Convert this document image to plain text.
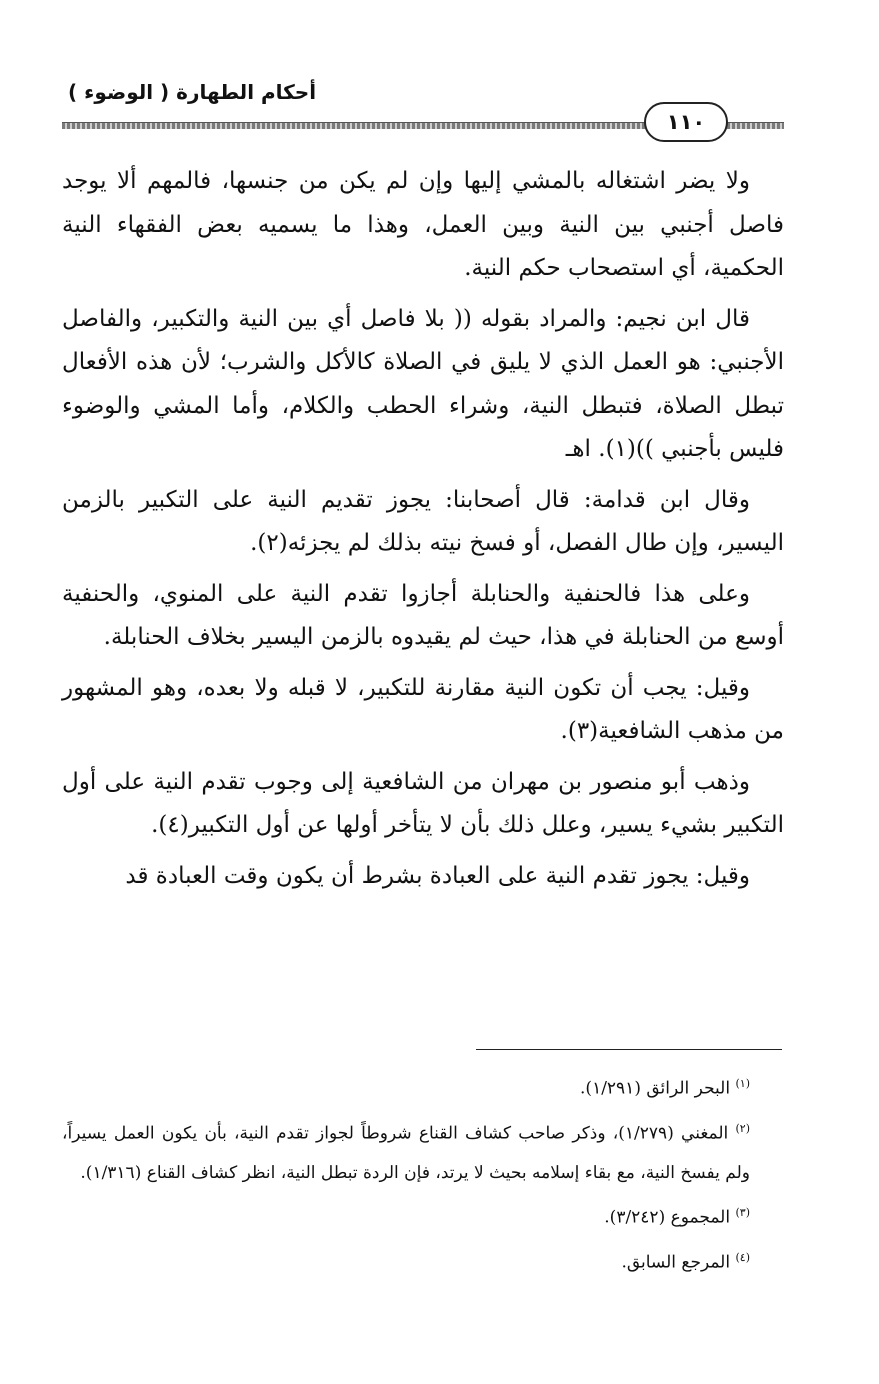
أحكام الطهارة ( الوضوء )
١١٠

ولا يضر اشتغاله بالمشي إليها وإن لم يكن من جنسها، فالمهم ألا يوجد فاصل أجنبي بين النية وبين العمل، وهذا ما يسميه بعض الفقهاء النية الحكمية، أي استصحاب حكم النية.

قال ابن نجيم: والمراد بقوله (( بلا فاصل أي بين النية والتكبير، والفاصل الأجنبي: هو العمل الذي لا يليق في الصلاة كالأكل والشرب؛ لأن هذه الأفعال تبطل الصلاة، فتبطل النية، وشراء الحطب والكلام، وأما المشي والوضوء فليس بأجنبي ))(١). اهـ

وقال ابن قدامة: قال أصحابنا: يجوز تقديم النية على التكبير بالزمن اليسير، وإن طال الفصل، أو فسخ نيته بذلك لم يجزئه(٢).

وعلى هذا فالحنفية والحنابلة أجازوا تقدم النية على المنوي، والحنفية أوسع من الحنابلة في هذا، حيث لم يقيدوه بالزمن اليسير بخلاف الحنابلة.

وقيل: يجب أن تكون النية مقارنة للتكبير، لا قبله ولا بعده، وهو المشهور من مذهب الشافعية(٣).

وذهب أبو منصور بن مهران من الشافعية إلى وجوب تقدم النية على أول التكبير بشيء يسير، وعلل ذلك بأن لا يتأخر أولها عن أول التكبير(٤).

وقيل: يجوز تقدم النية على العبادة بشرط أن يكون وقت العبادة قد

$^{(١)}$ البحر الرائق (١/٢٩١).

$^{(٢)}$ المغني (١/٢٧٩)، وذكر صاحب كشاف القناع شروطاً لجواز تقدم النية، بأن يكون العمل يسيراً، ولم يفسخ النية، مع بقاء إسلامه بحيث لا يرتد، فإن الردة تبطل النية، انظر كشاف القناع (١/٣١٦).

$^{(٣)}$ المجموع (٣/٢٤٢).

$^{(٤)}$ المرجع السابق.
